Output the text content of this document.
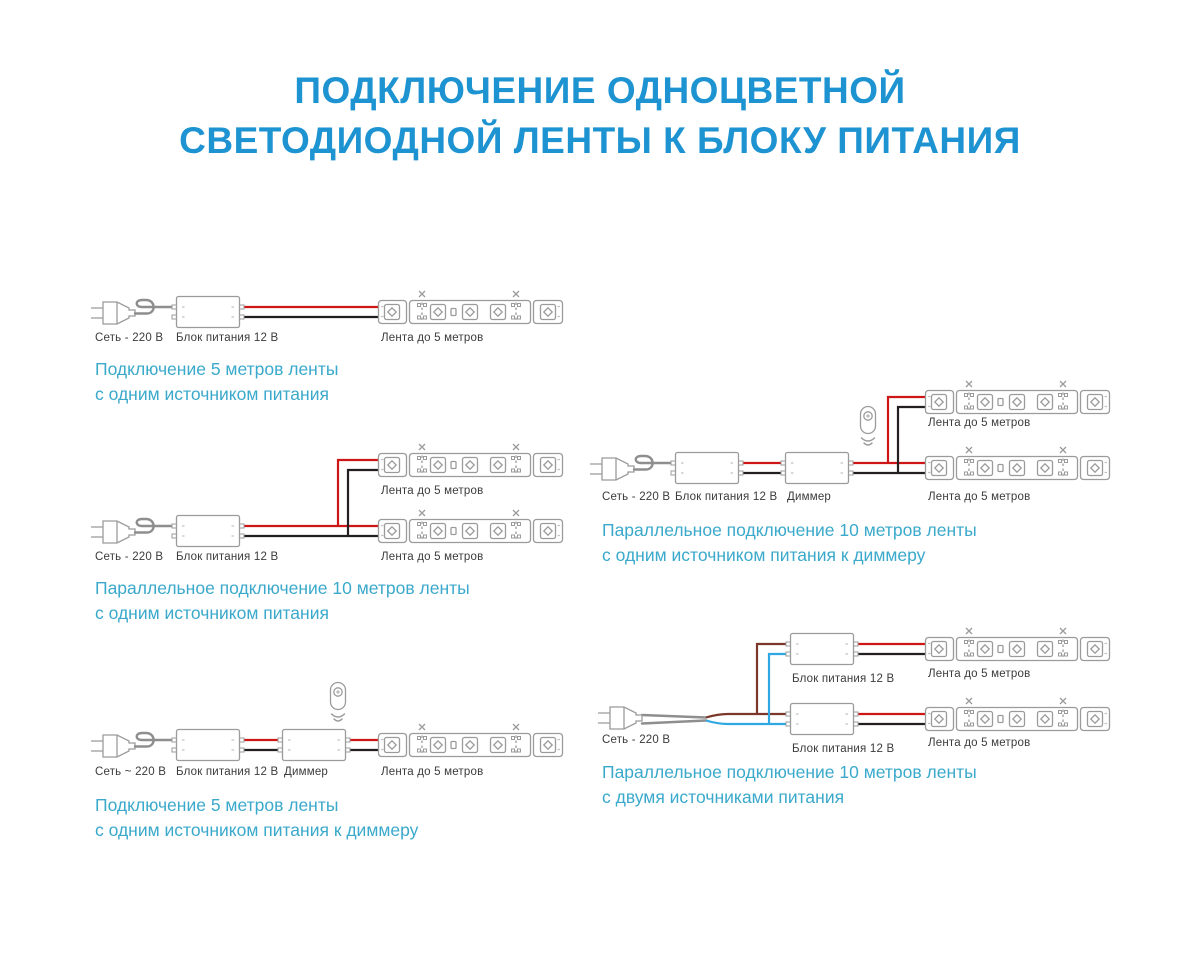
ПОДКЛЮЧЕНИЕ ОДНОЦВЕТНОЙ
СВЕТОДИОДНОЙ ЛЕНТЫ К БЛОКУ ПИТАНИЯ
Сеть - 220 В Блок питания 12 В	Лента до 5 метров
Подключение 5 метров ленты
с одним источником питания
Лента до 5 метров
Сеть - 220 В Блок питания 12 В	Лента до 5 метров
Параллельное подключение 10 метров ленты
с одним источником питания
Сеть ~ 220 В Блок питания 12 В Диммер	Лента до 5 метров
Подключение 5 метров ленты
с одним источником питания к диммеру
Лента до 5 метров
Сеть - 220 В Блок питания 12 В Диммер	Лента до 5 метров
Параллельное подключение 10 метров ленты
с одним источником питания к диммеру
Лента до 5 метров
Блок питания 12 В
Сеть - 220 В	Лента до 5 метров
Блок питания 12 В
Параллельное подключение 10 метров ленты
с двумя источниками питания
